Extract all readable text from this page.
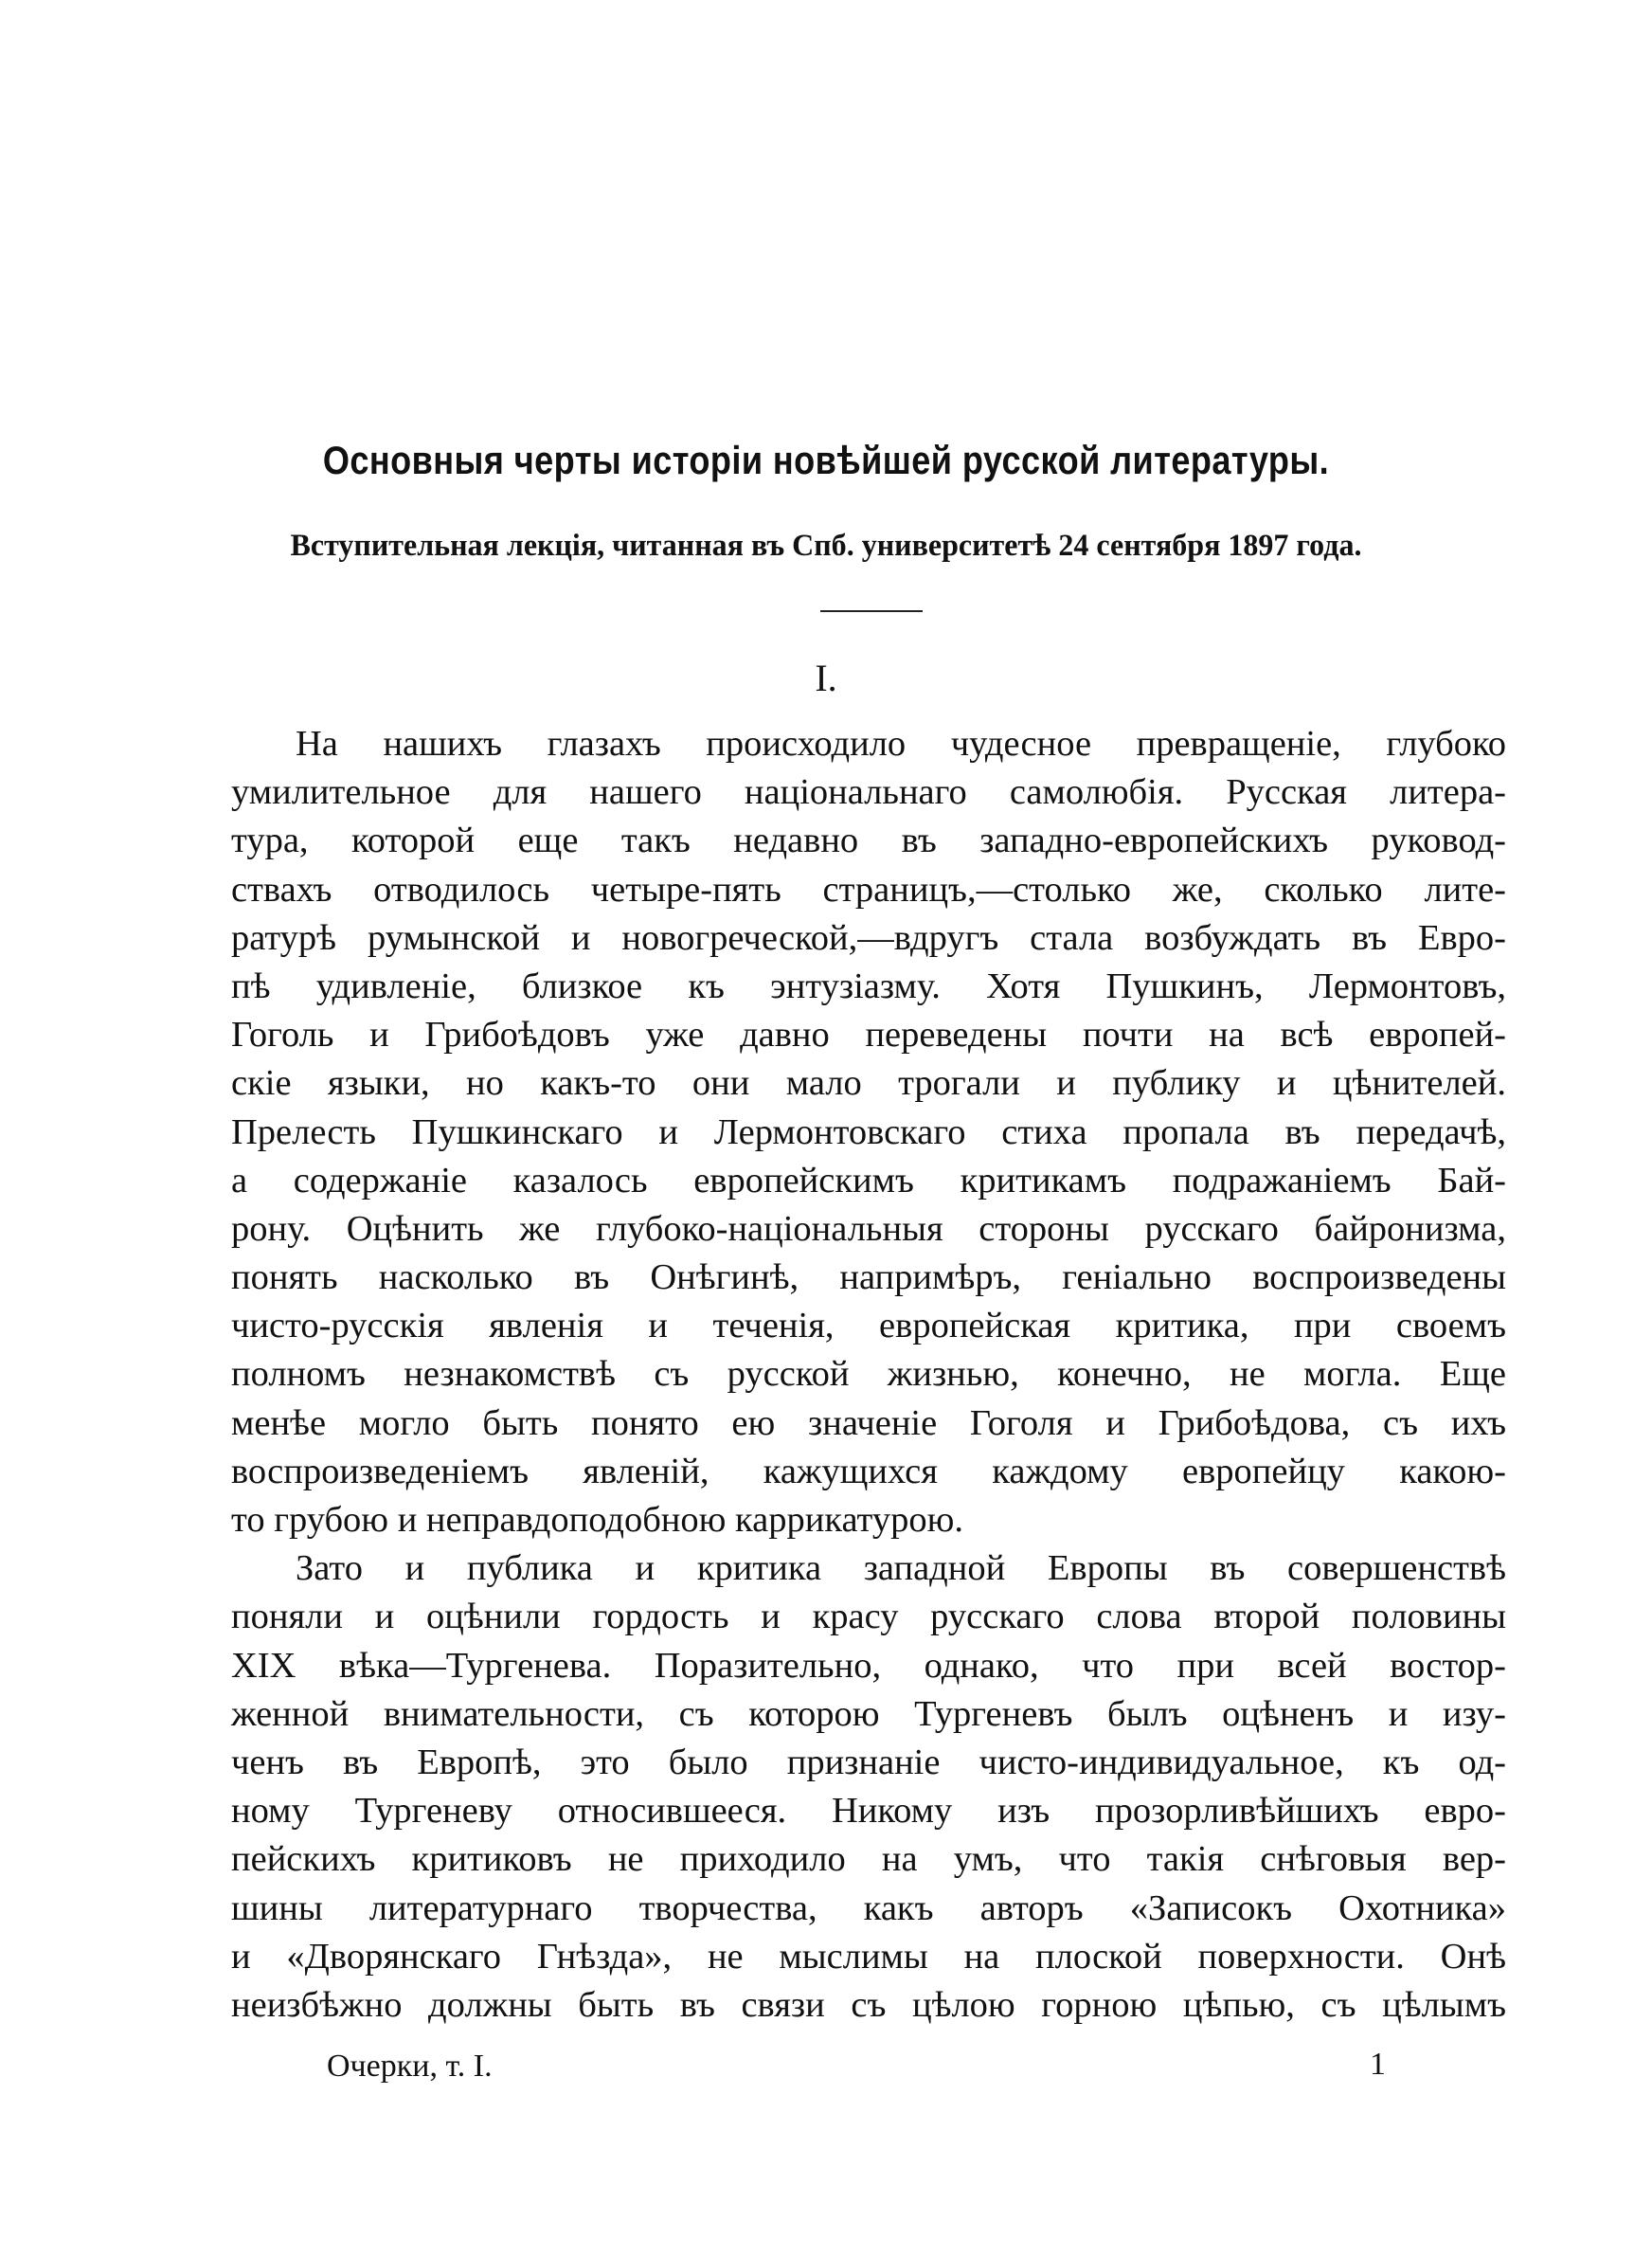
Основныя черты исторіи новѣйшей русской литературы.
Вступительная лекція, читанная въ Спб. университетѣ 24 сентября 1897 года.
I.
На нашихъ глазахъ происходило чудесное превращеніе, глубоко
умилительное для нашего національнаго самолюбія. Русская литера-
тура, которой еще такъ недавно въ западно-европейскихъ руковод-
ствахъ отводилось четыре-пять страницъ,—столько же, сколько лите-
ратурѣ румынской и новогреческой,—вдругъ стала возбуждать въ Евро-
пѣ удивленіе, близкое къ энтузіазму. Хотя Пушкинъ, Лермонтовъ,
Гоголь и Грибоѣдовъ уже давно переведены почти на всѣ европей-
скіе языки, но какъ-то они мало трогали и публику и цѣнителей.
Прелесть Пушкинскаго и Лермонтовскаго стиха пропала въ передачѣ,
а содержаніе казалось европейскимъ критикамъ подражаніемъ Бай-
рону. Оцѣнить же глубоко-національныя стороны русскаго байронизма,
понять насколько въ Онѣгинѣ, напримѣръ, геніально воспроизведены
чисто-русскія явленія и теченія, европейская критика, при своемъ
полномъ незнакомствѣ съ русской жизнью, конечно, не могла. Еще
менѣе могло быть понято ею значеніе Гоголя и Грибоѣдова, съ ихъ
воспроизведеніемъ явленій, кажущихся каждому европейцу какою-
то грубою и неправдоподобною каррикатурою.
Зато и публика и критика западной Европы въ совершенствѣ
поняли и оцѣнили гордость и красу русскаго слова второй половины
XIX вѣка—Тургенева. Поразительно, однако, что при всей востор-
женной внимательности, съ которою Тургеневъ былъ оцѣненъ и изу-
ченъ въ Европѣ, это было признаніе чисто-индивидуальное, къ од-
ному Тургеневу относившееся. Никому изъ прозорливѣйшихъ евро-
пейскихъ критиковъ не приходило на умъ, что такія снѣговыя вер-
шины литературнаго творчества, какъ авторъ «Записокъ Охотника»
и «Дворянскаго Гнѣзда», не мыслимы на плоской поверхности. Онѣ
неизбѣжно должны быть въ связи съ цѣлою горною цѣпью, съ цѣлымъ
Очерки, т. I.	1
